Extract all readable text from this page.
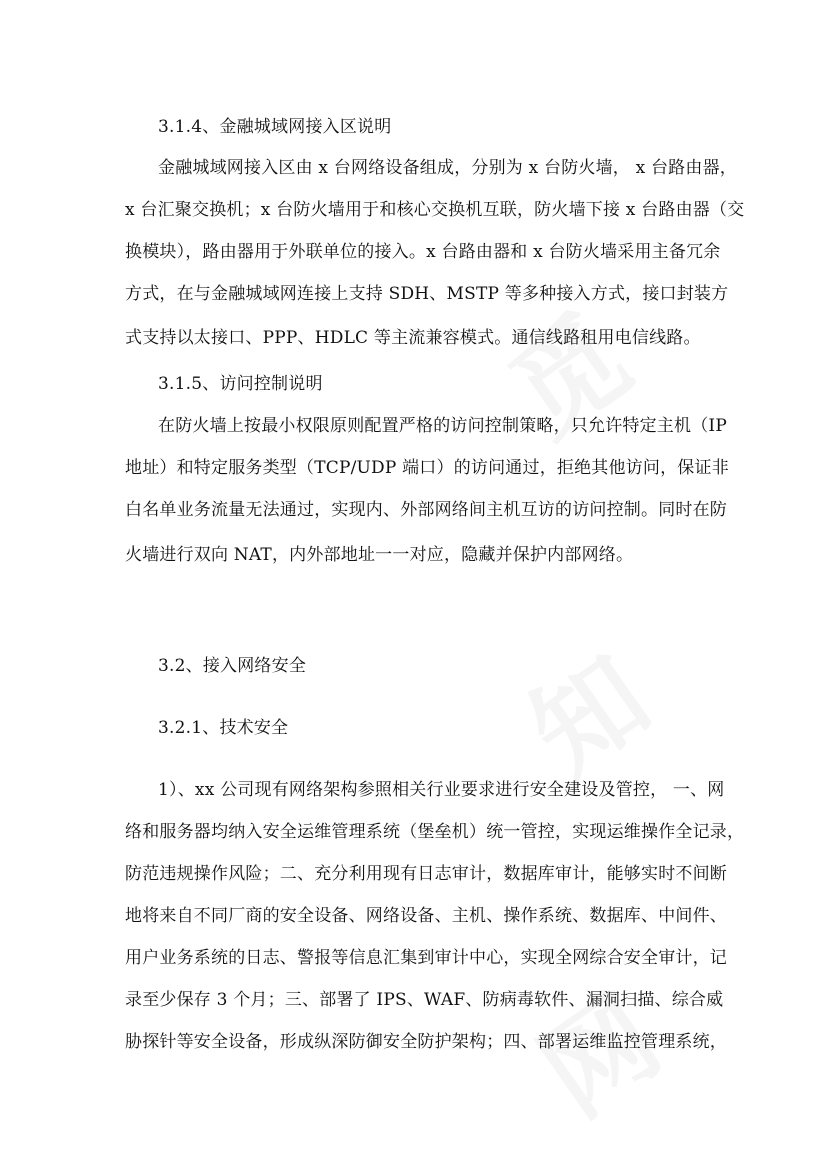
觅
知
网
3.1.4、金融城域网接入区说明
金融城域网接入区由 x 台网络设备组成，分别为 x 台防火墙， x 台路由器，
x 台汇聚交换机；x 台防火墙用于和核心交换机互联，防火墙下接 x 台路由器（交
换模块），路由器用于外联单位的接入。x 台路由器和 x 台防火墙采用主备冗余
方式，在与金融城域网连接上支持 SDH、MSTP 等多种接入方式，接口封装方
式支持以太接口、PPP、HDLC 等主流兼容模式。通信线路租用电信线路。
3.1.5、访问控制说明
在防火墙上按最小权限原则配置严格的访问控制策略，只允许特定主机（IP
地址）和特定服务类型（TCP/UDP 端口）的访问通过，拒绝其他访问，保证非
白名单业务流量无法通过，实现内、外部网络间主机互访的访问控制。同时在防
火墙进行双向 NAT，内外部地址一一对应，隐藏并保护内部网络。
3.2、接入网络安全
3.2.1、技术安全
1）、xx 公司现有网络架构参照相关行业要求进行安全建设及管控， 一、网
络和服务器均纳入安全运维管理系统（堡垒机）统一管控，实现运维操作全记录，
防范违规操作风险；二、充分利用现有日志审计，数据库审计，能够实时不间断
地将来自不同厂商的安全设备、网络设备、主机、操作系统、数据库、中间件、
用户业务系统的日志、警报等信息汇集到审计中心，实现全网综合安全审计，记
录至少保存 3 个月；三、部署了 IPS、WAF、防病毒软件、漏洞扫描、综合威
胁探针等安全设备，形成纵深防御安全防护架构；四、部署运维监控管理系统，
